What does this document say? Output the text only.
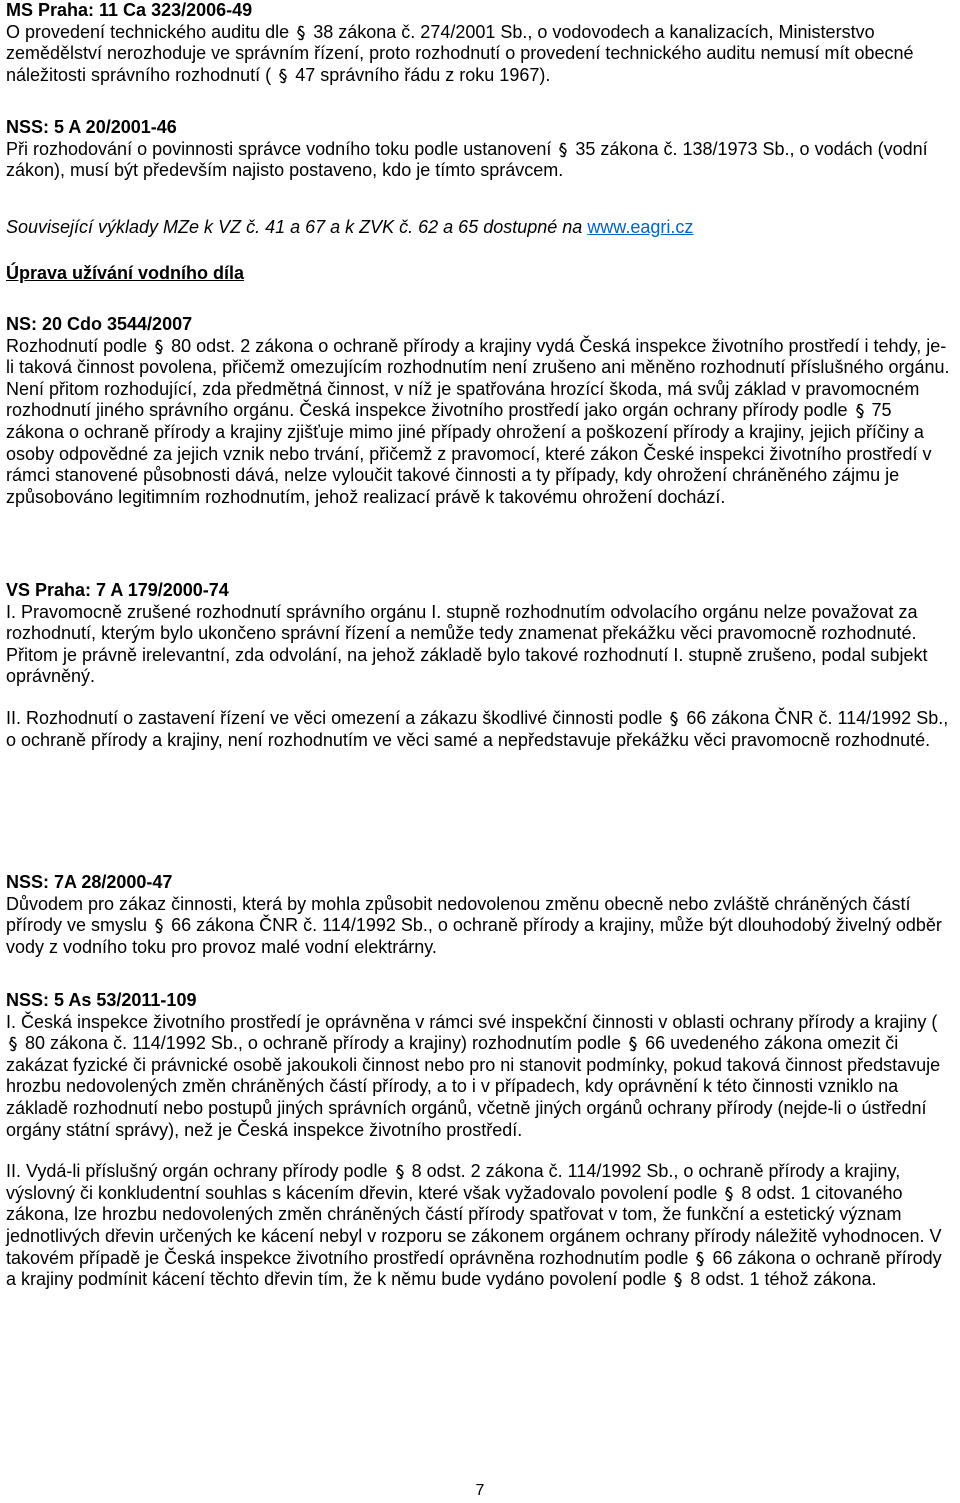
MS Praha: 11 Ca 323/2006-49
O provedení technického auditu dle 38 zákona č. 274/2001 Sb., o vodovodech a kanalizacích, Ministerstvo zemědělství nerozhoduje ve správním řízení, proto rozhodnutí o provedení technického auditu nemusí mít obecné náležitosti správního rozhodnutí ( 47 správního řádu z roku 1967).
NSS: 5 A 20/2001-46
Při rozhodování o povinnosti správce vodního toku podle ustanovení 35 zákona č. 138/1973 Sb., o vodách (vodní zákon), musí být především najisto postaveno, kdo je tímto správcem.
Související výklady MZe k VZ č. 41 a 67 a k ZVK č. 62 a 65 dostupné na www.eagri.cz
Úprava užívání vodního díla
NS: 20 Cdo 3544/2007
Rozhodnutí podle 80 odst. 2 zákona o ochraně přírody a krajiny vydá Česká inspekce životního prostředí i tehdy, je-li taková činnost povolena, přičemž omezujícím rozhodnutím není zrušeno ani měněno rozhodnutí příslušného orgánu. Není přitom rozhodující, zda předmětná činnost, v níž je spatřována hrozící škoda, má svůj základ v pravomocném rozhodnutí jiného správního orgánu. Česká inspekce životního prostředí jako orgán ochrany přírody podle 75 zákona o ochraně přírody a krajiny zjišťuje mimo jiné případy ohrožení a poškození přírody a krajiny, jejich příčiny a osoby odpovědné za jejich vznik nebo trvání, přičemž z pravomocí, které zákon České inspekci životního prostředí v rámci stanovené působnosti dává, nelze vyloučit takové činnosti a ty případy, kdy ohrožení chráněného zájmu je způsobováno legitimním rozhodnutím, jehož realizací právě k takovému ohrožení dochází.
VS Praha: 7 A 179/2000-74
I. Pravomocně zrušené rozhodnutí správního orgánu I. stupně rozhodnutím odvolacího orgánu nelze považovat za rozhodnutí, kterým bylo ukončeno správní řízení a nemůže tedy znamenat překážku věci pravomocně rozhodnuté. Přitom je právně irelevantní, zda odvolání, na jehož základě bylo takové rozhodnutí I. stupně zrušeno, podal subjekt oprávněný.
II. Rozhodnutí o zastavení řízení ve věci omezení a zákazu škodlivé činnosti podle 66 zákona ČNR č. 114/1992 Sb., o ochraně přírody a krajiny, není rozhodnutím ve věci samé a nepředstavuje překážku věci pravomocně rozhodnuté.
NSS: 7A 28/2000-47
Důvodem pro zákaz činnosti, která by mohla způsobit nedovolenou změnu obecně nebo zvláště chráněných částí přírody ve smyslu 66 zákona ČNR č. 114/1992 Sb., o ochraně přírody a krajiny, může být dlouhodobý živelný odběr vody z vodního toku pro provoz malé vodní elektrárny.
NSS: 5 As 53/2011-109
I. Česká inspekce životního prostředí je oprávněna v rámci své inspekční činnosti v oblasti ochrany přírody a krajiny (  80 zákona č. 114/1992 Sb., o ochraně přírody a krajiny) rozhodnutím podle 66 uvedeného zákona omezit či zakázat fyzické či právnické osobě jakoukoli činnost nebo pro ni stanovit podmínky, pokud taková činnost představuje hrozbu nedovolených změn chráněných částí přírody, a to i v případech, kdy oprávnění k této činnosti vzniklo na základě rozhodnutí nebo postupů jiných správních orgánů, včetně jiných orgánů ochrany přírody (nejde-li o ústřední orgány státní správy), než je Česká inspekce životního prostředí.
II. Vydá-li příslušný orgán ochrany přírody podle 8 odst. 2 zákona č. 114/1992 Sb., o ochraně přírody a krajiny, výslovný či konkludentní souhlas s kácením dřevin, které však vyžadovalo povolení podle 8 odst. 1 citovaného zákona, lze hrozbu nedovolených změn chráněných částí přírody spatřovat v tom, že funkční a estetický význam jednotlivých dřevin určených ke kácení nebyl v rozporu se zákonem orgánem ochrany přírody náležitě vyhodnocen. V takovém případě je Česká inspekce životního prostředí oprávněna rozhodnutím podle 66 zákona o ochraně přírody a krajiny podmínit kácení těchto dřevin tím, že k němu bude vydáno povolení podle 8 odst. 1 téhož zákona.
7
